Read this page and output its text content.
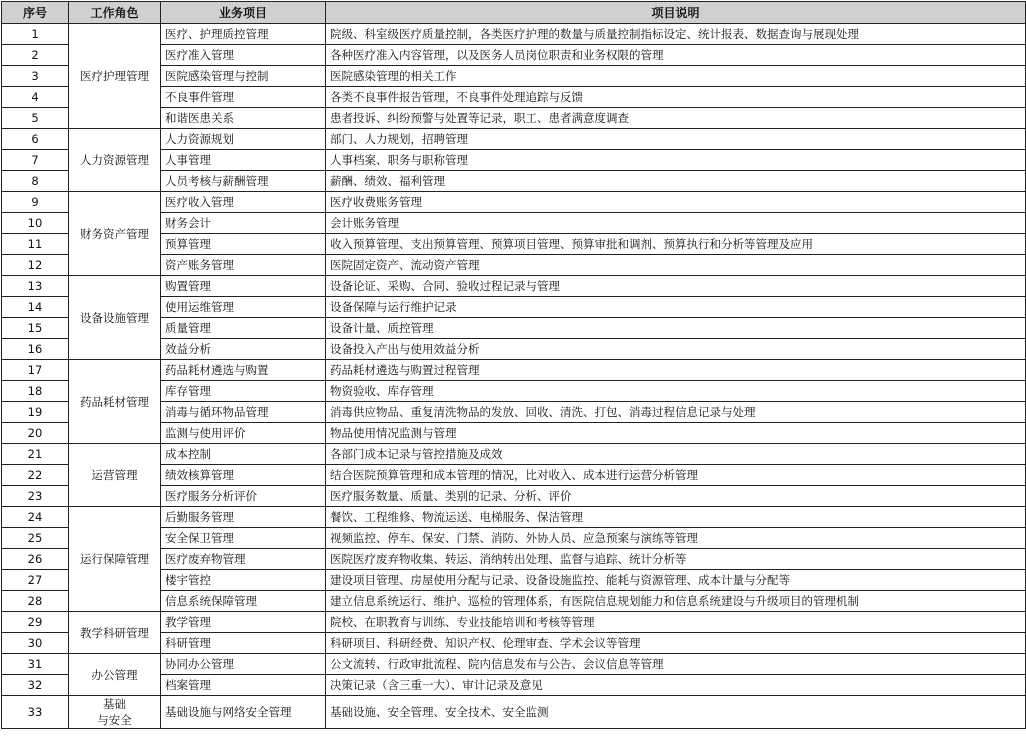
序号	工作角色	业务项目	项目说明
1	医疗护理管理	医疗、护理质控管理	院级、科室级医疗质量控制，各类医疗护理的数量与质量控制指标设定、统计报表、数据查询与展现处理
2		医疗准入管理	各种医疗准入内容管理，以及医务人员岗位职责和业务权限的管理
3		医院感染管理与控制	医院感染管理的相关工作
4		不良事件管理	各类不良事件报告管理，不良事件处理追踪与反馈
5		和谐医患关系	患者投诉、纠纷预警与处置等记录，职工、患者满意度调查
6	人力资源管理	人力资源规划	部门、人力规划，招聘管理
7		人事管理	人事档案、职务与职称管理
8		人员考核与薪酬管理	薪酬、绩效、福利管理
9	财务资产管理	医疗收入管理	医疗收费账务管理
10		财务会计	会计账务管理
11		预算管理	收入预算管理、支出预算管理、预算项目管理、预算审批和调剂、预算执行和分析等管理及应用
12		资产账务管理	医院固定资产、流动资产管理
13	设备设施管理	购置管理	设备论证、采购、合同、验收过程记录与管理
14		使用运维管理	设备保障与运行维护记录
15		质量管理	设备计量、质控管理
16		效益分析	设备投入产出与使用效益分析
17	药品耗材管理	药品耗材遴选与购置	药品耗材遴选与购置过程管理
18		库存管理	物资验收、库存管理
19		消毒与循环物品管理	消毒供应物品、重复清洗物品的发放、回收、清洗、打包、消毒过程信息记录与处理
20		监测与使用评价	物品使用情况监测与管理
21	运营管理	成本控制	各部门成本记录与管控措施及成效
22		绩效核算管理	结合医院预算管理和成本管理的情况，比对收入、成本进行运营分析管理
23		医疗服务分析评价	医疗服务数量、质量、类别的记录、分析、评价
24	运行保障管理	后勤服务管理	餐饮、工程维修、物流运送、电梯服务、保洁管理
25		安全保卫管理	视频监控、停车、保安、门禁、消防、外协人员、应急预案与演练等管理
26		医疗废弃物管理	医院医疗废弃物收集、转运、消纳转出处理、监督与追踪、统计分析等
27		楼宇管控	建设项目管理、房屋使用分配与记录、设备设施监控、能耗与资源管理、成本计量与分配等
28		信息系统保障管理	建立信息系统运行、维护、巡检的管理体系，有医院信息规划能力和信息系统建设与升级项目的管理机制
29	教学科研管理	教学管理	院校、在职教育与训练、专业技能培训和考核等管理
30		科研管理	科研项目、科研经费、知识产权、伦理审查、学术会议等管理
31	办公管理	协同办公管理	公文流转、行政审批流程、院内信息发布与公告、会议信息等管理
32		档案管理	决策记录（含三重一大）、审计记录及意见
33	基础
与安全	基础设施与网络安全管理	基础设施、安全管理、安全技术、安全监测
